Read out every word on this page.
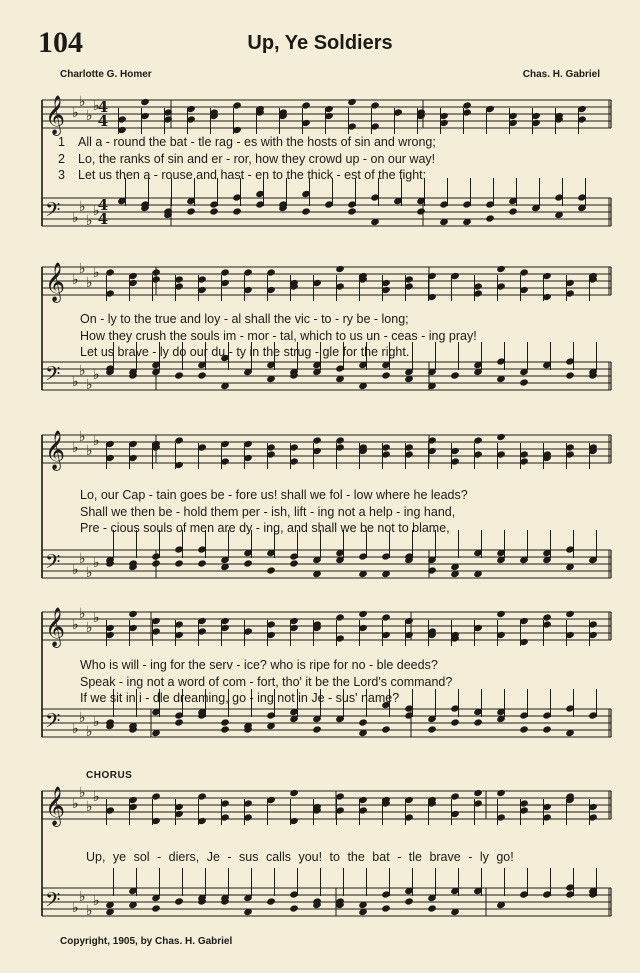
104	Up, Ye Soldiers
Charlotte G. Homer	Chas. H. Gabriel
𝄞 ♭
♭
♭
♭
4
4
𝄢 ♭
♭
♭
♭
4
4
𝄞 ♭
♭
♭
♭
𝄢 ♭
♭
♭
♭
𝄞 ♭
♭
♭
♭
𝄢 ♭
♭
♭
♭
𝄞 ♭
♭
♭
♭
𝄢 ♭
♭
♭
♭
𝄞 ♭
♭
♭
♭
𝄢 ♭
♭
♭
♭
1 All a - round the bat - tle rag - es with the hosts of sin and wrong;
2 Lo, the ranks of sin and er - ror, how they crowd up - on our way!
3 Let us then a - rouse and hast - en to the thick - est of the fight;
On - ly to the true and loy - al shall the vic - to - ry be - long;
How they crush the souls im - mor - tal, which to us un - ceas - ing pray!
Let us brave - ly do our du - ty in the strug - gle for the right.
Lo, our Cap - tain goes be - fore us! shall we fol - low where he leads?
Shall we then be - hold them per - ish, lift - ing not a help - ing hand,
Pre - cious souls of men are dy - ing, and shall we be not to blame,
Who is will - ing for the serv - ice? who is ripe for no - ble deeds?
Speak - ing not a word of com - fort, tho' it be the Lord's command?
If we sit in i - dle dreaming, go - ing not in Je - sus' name?
CHORUS
Up, ye sol - diers, Je - sus calls you! to the bat - tle brave - ly go!
Copyright, 1905, by Chas. H. Gabriel
